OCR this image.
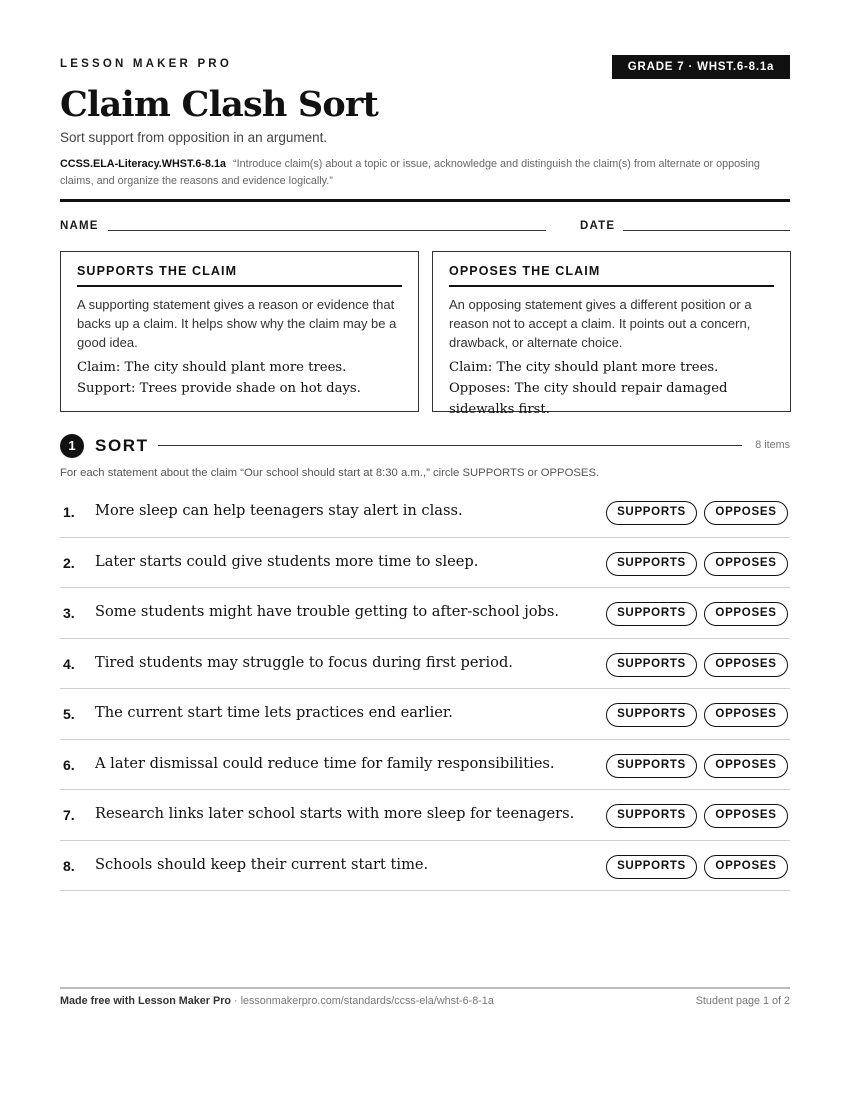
LESSON MAKER PRO	GRADE 7 · WHST.6-8.1a
Claim Clash Sort
Sort support from opposition in an argument.
CCSS.ELA-Literacy.WHST.6-8.1a “Introduce claim(s) about a topic or issue, acknowledge and distinguish the claim(s) from alternate or opposing claims, and organize the reasons and evidence logically.”
NAME	DATE
SUPPORTS THE CLAIM
A supporting statement gives a reason or evidence that backs up a claim. It helps show why the claim may be a good idea.
Claim: The city should plant more trees. Support: Trees provide shade on hot days.
OPPOSES THE CLAIM
An opposing statement gives a different position or a reason not to accept a claim. It points out a concern, drawback, or alternate choice.
Claim: The city should plant more trees. Opposes: The city should repair damaged sidewalks first.
1	SORT	8 items
For each statement about the claim “Our school should start at 8:30 a.m.,” circle SUPPORTS or OPPOSES.
1. More sleep can help teenagers stay alert in class.	SUPPORTS	OPPOSES
2. Later starts could give students more time to sleep.	SUPPORTS	OPPOSES
3. Some students might have trouble getting to after-school jobs.	SUPPORTS	OPPOSES
4. Tired students may struggle to focus during first period.	SUPPORTS	OPPOSES
5. The current start time lets practices end earlier.	SUPPORTS	OPPOSES
6. A later dismissal could reduce time for family responsibilities.	SUPPORTS	OPPOSES
7. Research links later school starts with more sleep for teenagers.	SUPPORTS	OPPOSES
8. Schools should keep their current start time.	SUPPORTS	OPPOSES
Made free with Lesson Maker Pro · lessonmakerpro.com/standards/ccss-ela/whst-6-8-1a	Student page 1 of 2
